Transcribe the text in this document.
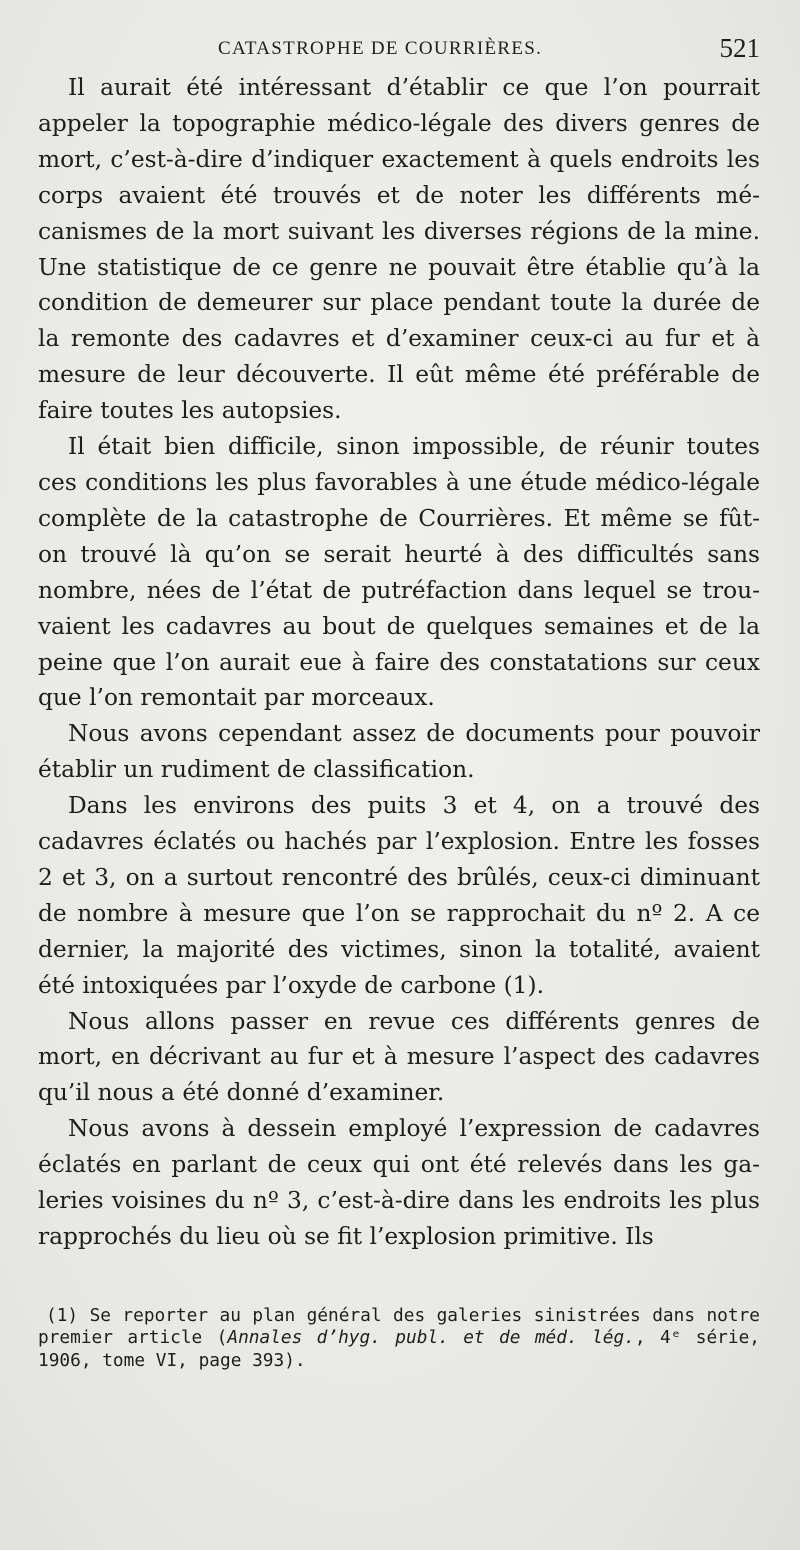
CATASTROPHE DE COURRIÈRES.	521

Il aurait été intéressant d’établir ce que l’on pourrait appeler la topographie médico-légale des divers genres de mort, c’est-à-dire d’indiquer exactement à quels endroits les corps avaient été trouvés et de noter les différents mécanismes de la mort suivant les diverses régions de la mine. Une statistique de ce genre ne pouvait être établie qu’à la condition de demeurer sur place pendant toute la durée de la remonte des cadavres et d’examiner ceux-ci au fur et à mesure de leur découverte. Il eût même été préférable de faire toutes les autopsies.

Il était bien difficile, sinon impossible, de réunir toutes ces conditions les plus favorables à une étude médico-légale complète de la catastrophe de Courrières. Et même se fût-on trouvé là qu’on se serait heurté à des difficultés sans nombre, nées de l’état de putréfaction dans lequel se trouvaient les cadavres au bout de quelques semaines et de la peine que l’on aurait eue à faire des constatations sur ceux que l’on remontait par morceaux.

Nous avons cependant assez de documents pour pouvoir établir un rudiment de classification.

Dans les environs des puits 3 et 4, on a trouvé des cadavres éclatés ou hachés par l’explosion. Entre les fosses 2 et 3, on a surtout rencontré des brûlés, ceux-ci diminuant de nombre à mesure que l’on se rapprochait du nº 2. A ce dernier, la majorité des victimes, sinon la totalité, avaient été intoxiquées par l’oxyde de carbone (1).

Nous allons passer en revue ces différents genres de mort, en décrivant au fur et à mesure l’aspect des cadavres qu’il nous a été donné d’examiner.

Nous avons à dessein employé l’expression de cadavres éclatés en parlant de ceux qui ont été relevés dans les galeries voisines du nº 3, c’est-à-dire dans les endroits les plus rapprochés du lieu où se fit l’explosion primitive. Ils

(1) Se reporter au plan général des galeries sinistrées dans notre premier article (Annales d’hyg. publ. et de méd. lég., 4ᵉ série, 1906, tome VI, page 393).
